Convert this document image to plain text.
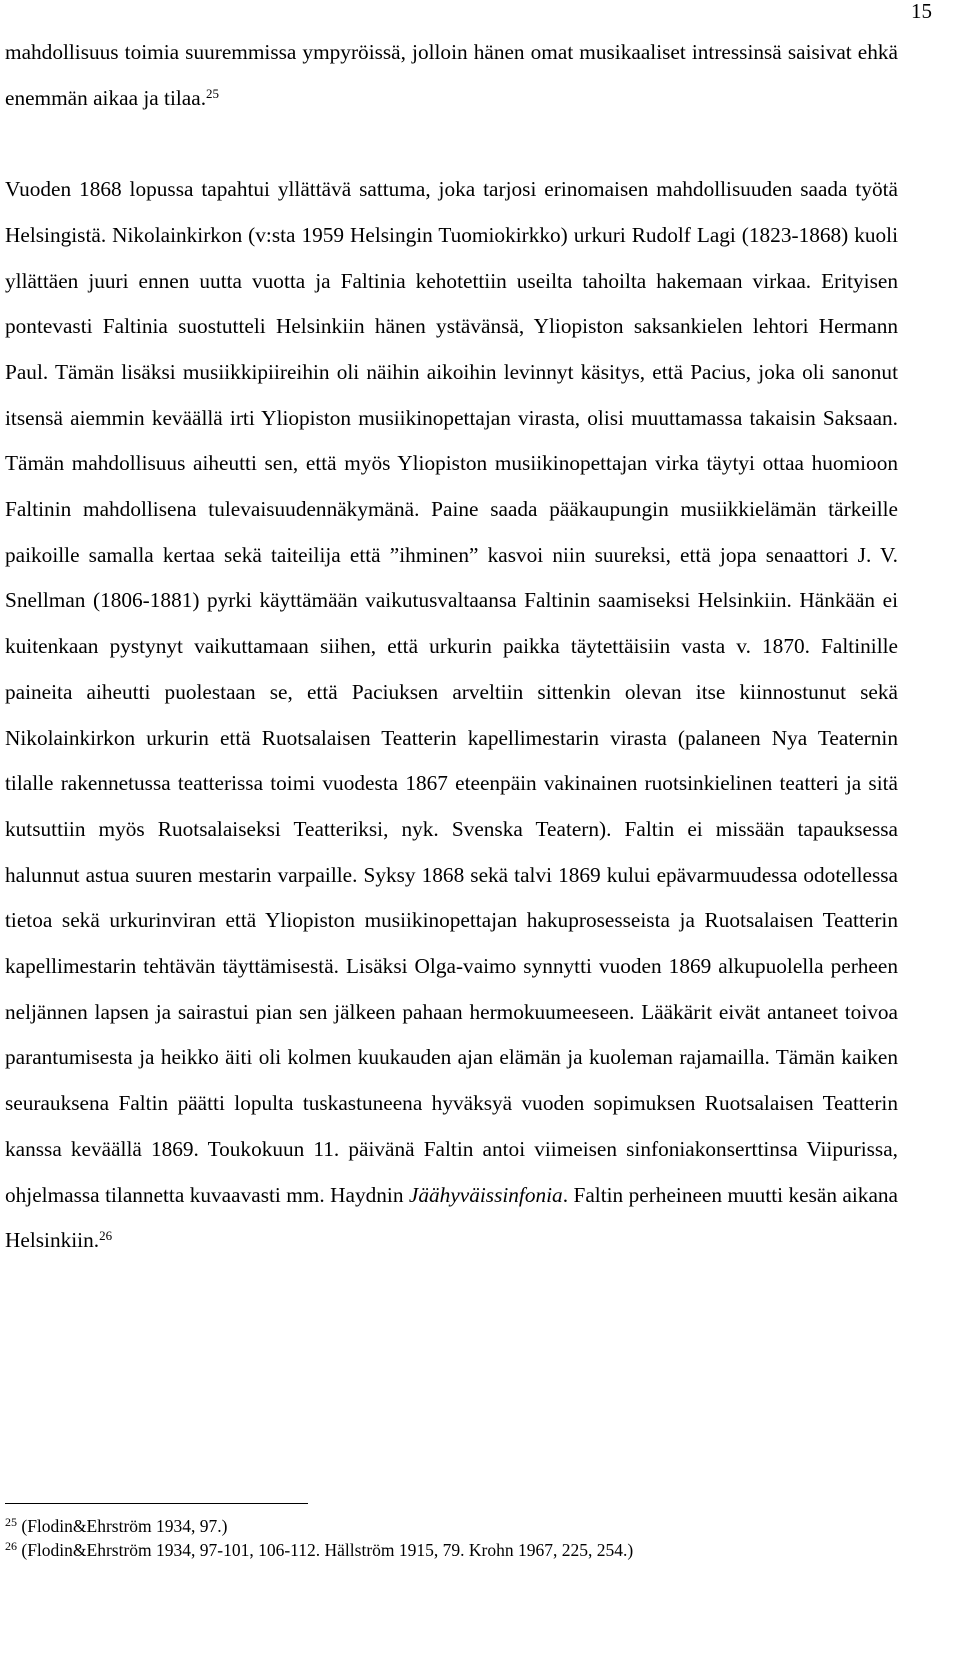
15

mahdollisuus toimia suuremmissa ympyröissä, jolloin hänen omat musikaaliset intressinsä saisivat ehkä enemmän aikaa ja tilaa.$^{25}$

Vuoden 1868 lopussa tapahtui yllättävä sattuma, joka tarjosi erinomaisen mahdollisuuden saada työtä Helsingistä. Nikolainkirkon (v:sta 1959 Helsingin Tuomiokirkko) urkuri Rudolf Lagi (1823-1868) kuoli yllättäen juuri ennen uutta vuotta ja Faltinia kehotettiin useilta tahoilta hakemaan virkaa. Erityisen pontevasti Faltinia suostutteli Helsinkiin hänen ystävänsä, Yliopiston saksankielen lehtori Hermann Paul. Tämän lisäksi musiikkipiireihin oli näihin aikoihin levinnyt käsitys, että Pacius, joka oli sanonut itsensä aiemmin keväällä irti Yliopiston musiikinopettajan virasta, olisi muuttamassa takaisin Saksaan. Tämän mahdollisuus aiheutti sen, että myös Yliopiston musiikinopettajan virka täytyi ottaa huomioon Faltinin mahdollisena tulevaisuudennäkymänä. Paine saada pääkaupungin musiikkielämän tärkeille paikoille samalla kertaa sekä taiteilija että ”ihminen” kasvoi niin suureksi, että jopa senaattori J. V. Snellman (1806-1881) pyrki käyttämään vaikutusvaltaansa Faltinin saamiseksi Helsinkiin. Hänkään ei kuitenkaan pystynyt vaikuttamaan siihen, että urkurin paikka täytettäisiin vasta v. 1870. Faltinille paineita aiheutti puolestaan se, että Paciuksen arveltiin sittenkin olevan itse kiinnostunut sekä Nikolainkirkon urkurin että Ruotsalaisen Teatterin kapellimestarin virasta (palaneen Nya Teaternin tilalle rakennetussa teatterissa toimi vuodesta 1867 eteenpäin vakinainen ruotsinkielinen teatteri ja sitä kutsuttiin myös Ruotsalaiseksi Teatteriksi, nyk. Svenska Teatern). Faltin ei missään tapauksessa halunnut astua suuren mestarin varpaille. Syksy 1868 sekä talvi 1869 kului epävarmuudessa odotellessa tietoa sekä urkurinviran että Yliopiston musiikinopettajan hakuprosesseista ja Ruotsalaisen Teatterin kapellimestarin tehtävän täyttämisestä. Lisäksi Olga-vaimo synnytti vuoden 1869 alkupuolella perheen neljännen lapsen ja sairastui pian sen jälkeen pahaan hermokuumeeseen. Lääkärit eivät antaneet toivoa parantumisesta ja heikko äiti oli kolmen kuukauden ajan elämän ja kuoleman rajamailla. Tämän kaiken seurauksena Faltin päätti lopulta tuskastuneena hyväksyä vuoden sopimuksen Ruotsalaisen Teatterin kanssa keväällä 1869. Toukokuun 11. päivänä Faltin antoi viimeisen sinfoniakonserttinsa Viipurissa, ohjelmassa tilannetta kuvaavasti mm. Haydnin Jäähyväissinfonia. Faltin perheineen muutti kesän aikana Helsinkiin.$^{26}$

$^{25}$ (Flodin&Ehrström 1934, 97.)
$^{26}$ (Flodin&Ehrström 1934, 97-101, 106-112. Hällström 1915, 79. Krohn 1967, 225, 254.)
